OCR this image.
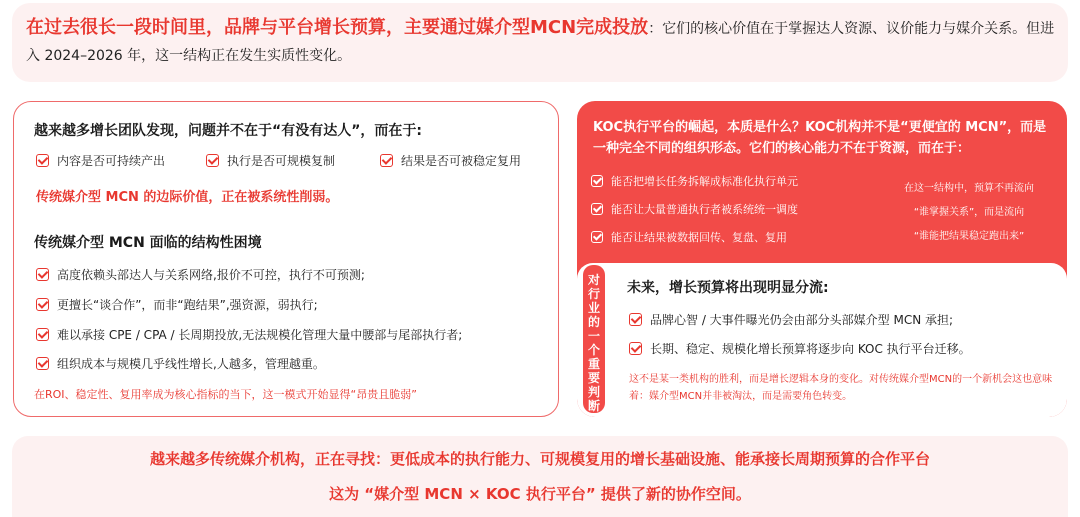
在过去很长一段时间里，品牌与平台增长预算，主要通过媒介型MCN完成投放：它们的核心价值在于掌握达人资源、议价能力与媒介关系。但进入 2024–2026 年，这一结构正在发生实质性变化。
越来越多增长团队发现，问题并不在于“有没有达人”，而在于:
内容是否可持续产出	执行是否可规模复制	结果是否可被稳定复用
传统媒介型 MCN 的边际价值，正在被系统性削弱。
传统媒介型 MCN 面临的结构性困境
高度依赖头部达人与关系网络,报价不可控，执行不可预测;
更擅长“谈合作”，而非“跑结果”,强资源，弱执行;
难以承接 CPE / CPA / 长周期投放,无法规模化管理大量中腰部与尾部执行者;
组织成本与规模几乎线性增长,人越多，管理越重。
在ROI、稳定性、复用率成为核心指标的当下，这一模式开始显得“昂贵且脆弱”
KOC执行平台的崛起，本质是什么？KOC机构并不是“更便宜的 MCN”，而是一种完全不同的组织形态。它们的核心能力不在于资源，而在于：
能否把增长任务拆解成标准化执行单元
能否让大量普通执行者被系统统一调度
能否让结果被数据回传、复盘、复用
在这一结构中，预算不再流向
“谁掌握关系”，而是流向
“谁能把结果稳定跑出来”
对
行
业
的
一
个
重
要
判
断
未来，增长预算将出现明显分流:
品牌心智 / 大事件曝光仍会由部分头部媒介型 MCN 承担;
长期、稳定、规模化增长预算将逐步向 KOC 执行平台迁移。
这不是某一类机构的胜利，而是增长逻辑本身的变化。对传统媒介型MCN的一个新机会这也意味着：媒介型MCN并非被淘汰，而是需要角色转变。
越来越多传统媒介机构，正在寻找：更低成本的执行能力、可规模复用的增长基础设施、能承接长周期预算的合作平台
这为 “媒介型 MCN × KOC 执行平台” 提供了新的协作空间。
